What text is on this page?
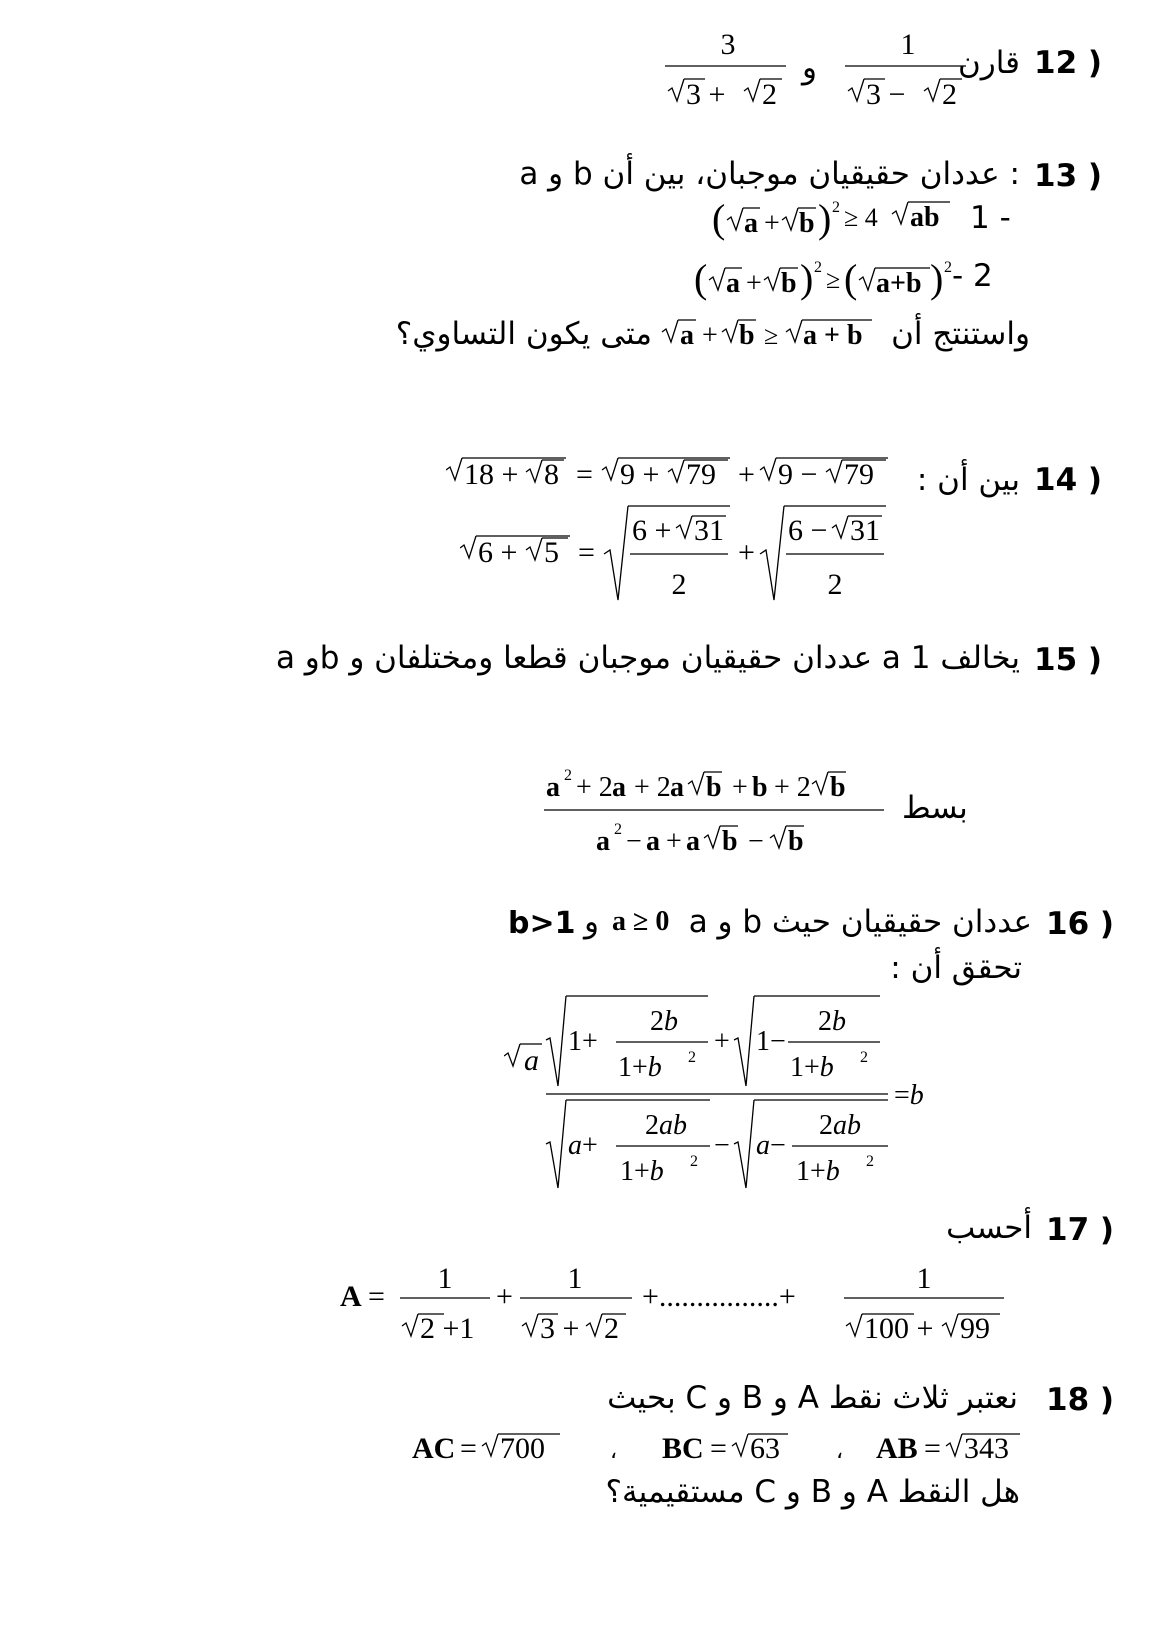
12 )
قارن
1
3 − 2
و
3
3 + 2
13 )
a و b عددان حقيقيان موجبان، بين أن :
1 -
( a + b ) 2 ≥ 4 ab
- 2
( a + b ) 2 ≥ ( a+b ) 2
واستنتج أن
a + b ≥ a + b
متى يكون التساوي؟
14 )
بين أن :
18 + 8 = 9 + 79 + 9 − 79
6 + 5 =
6 + 31
2
+
6 − 31
2
15 )
a وb عددان حقيقيان موجبان قطعا ومختلفان و a يخالف 1
بسط
a 2 + 2 a + 2 a b + b + 2 b
a 2 − a + a b − b
16 )
a و b عددان حقيقيان حيث
a ≥ 0
و
b>1
تحقق أن :
a
1+
2b
1+b 2
+ 1−
2b
1+b 2
a+
2ab
1+b 2
− a−
2ab
1+b 2
=b
17 )
أحسب
A =
1
2 +1
+
1
3 + 2
+................+
1
100 + 99
18 )
نعتبر ثلاث نقط A و B و C بحيث
AC = 700	، BC = 63	، AB = 343
هل النقط A و B و C مستقيمية؟
